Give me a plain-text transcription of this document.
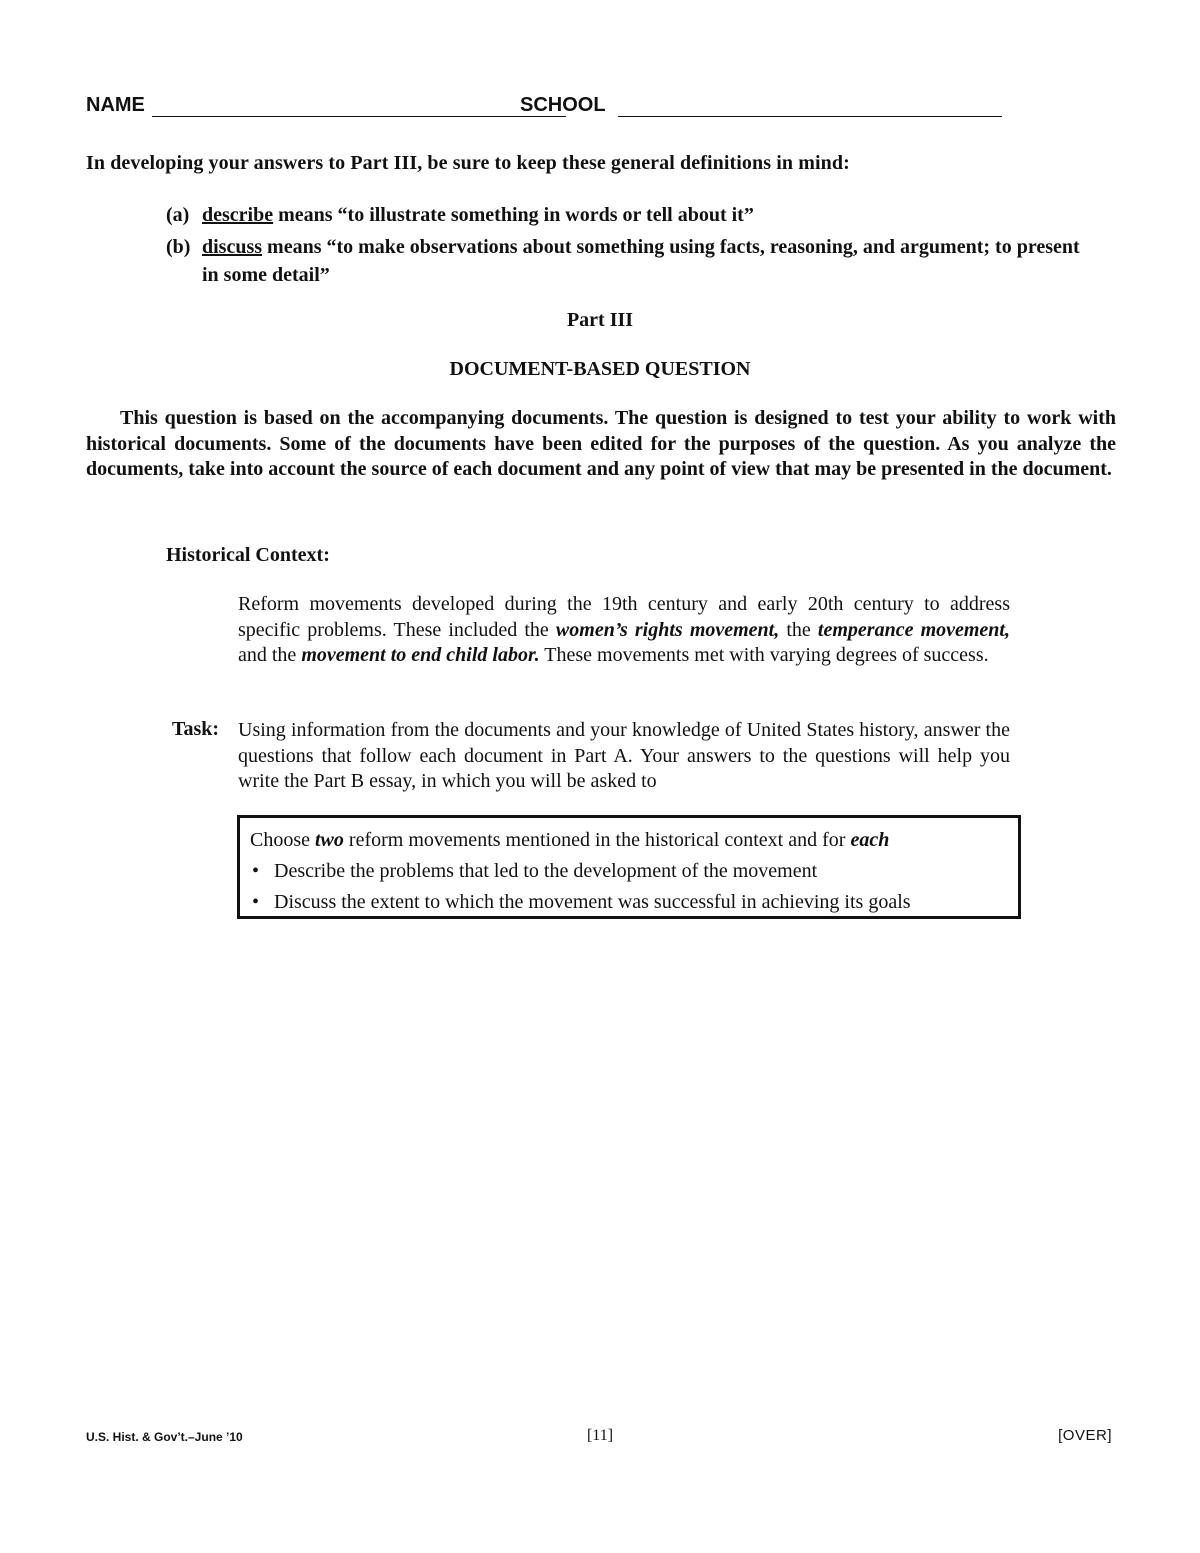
NAME	SCHOOL
In developing your answers to Part III, be sure to keep these general definitions in mind:
(a) describe means “to illustrate something in words or tell about it”
(b) discuss means “to make observations about something using facts, reasoning, and argument; to present in some detail”
Part III
DOCUMENT-BASED QUESTION

This question is based on the accompanying documents. The question is designed to test your ability to work with historical documents. Some of the documents have been edited for the purposes of the question. As you analyze the documents, take into account the source of each document and any point of view that may be presented in the document.

Historical Context:
Reform movements developed during the 19th century and early 20th century to address specific problems. These included the women’s rights movement, the temperance movement, and the movement to end child labor. These movements met with varying degrees of success.
Task: Using information from the documents and your knowledge of United States history, answer the questions that follow each document in Part A. Your answers to the questions will help you write the Part B essay, in which you will be asked to
Choose two reform movements mentioned in the historical context and for each
• Describe the problems that led to the development of the movement
• Discuss the extent to which the movement was successful in achieving its goals
U.S. Hist. & Gov’t.–June ’10	[11]	[OVER]
